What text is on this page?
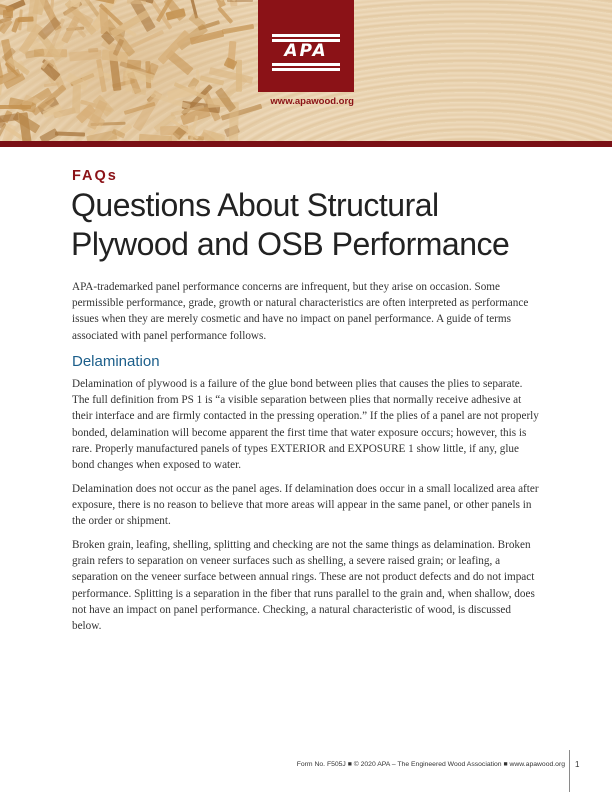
APA
www.apawood.org
FAQs
Questions About Structural
Plywood and OSB Performance

APA-trademarked panel performance concerns are infrequent, but they arise on occasion. Some permissible performance, grade, growth or natural characteristics are often interpreted as performance issues when they are merely cosmetic and have no impact on panel performance. A guide of terms associated with panel performance follows.

Delamination

Delamination of plywood is a failure of the glue bond between plies that causes the plies to separate. The full definition from PS 1 is “a visible separation between plies that normally receive adhesive at their interface and are firmly contacted in the pressing operation.” If the plies of a panel are not properly bonded, delamination will become apparent the first time that water exposure occurs; however, this is rare. Properly manufactured panels of types EXTERIOR and EXPOSURE 1 show little, if any, glue bond changes when exposed to water.

Delamination does not occur as the panel ages. If delamination does occur in a small localized area after exposure, there is no reason to believe that more areas will appear in the same panel, or other panels in the order or shipment.

Broken grain, leafing, shelling, splitting and checking are not the same things as delamination. Broken grain refers to separation on veneer surfaces such as shelling, a severe raised grain; or leafing, a separation on the veneer surface between annual rings. These are not product defects and do not impact performance. Splitting is a separation in the fiber that runs parallel to the grain and, when shallow, does not have an impact on panel performance. Checking, a natural characteristic of wood, is discussed below.

Form No. F505J ■ © 2020 APA – The Engineered Wood Association ■ www.apawood.org 1
